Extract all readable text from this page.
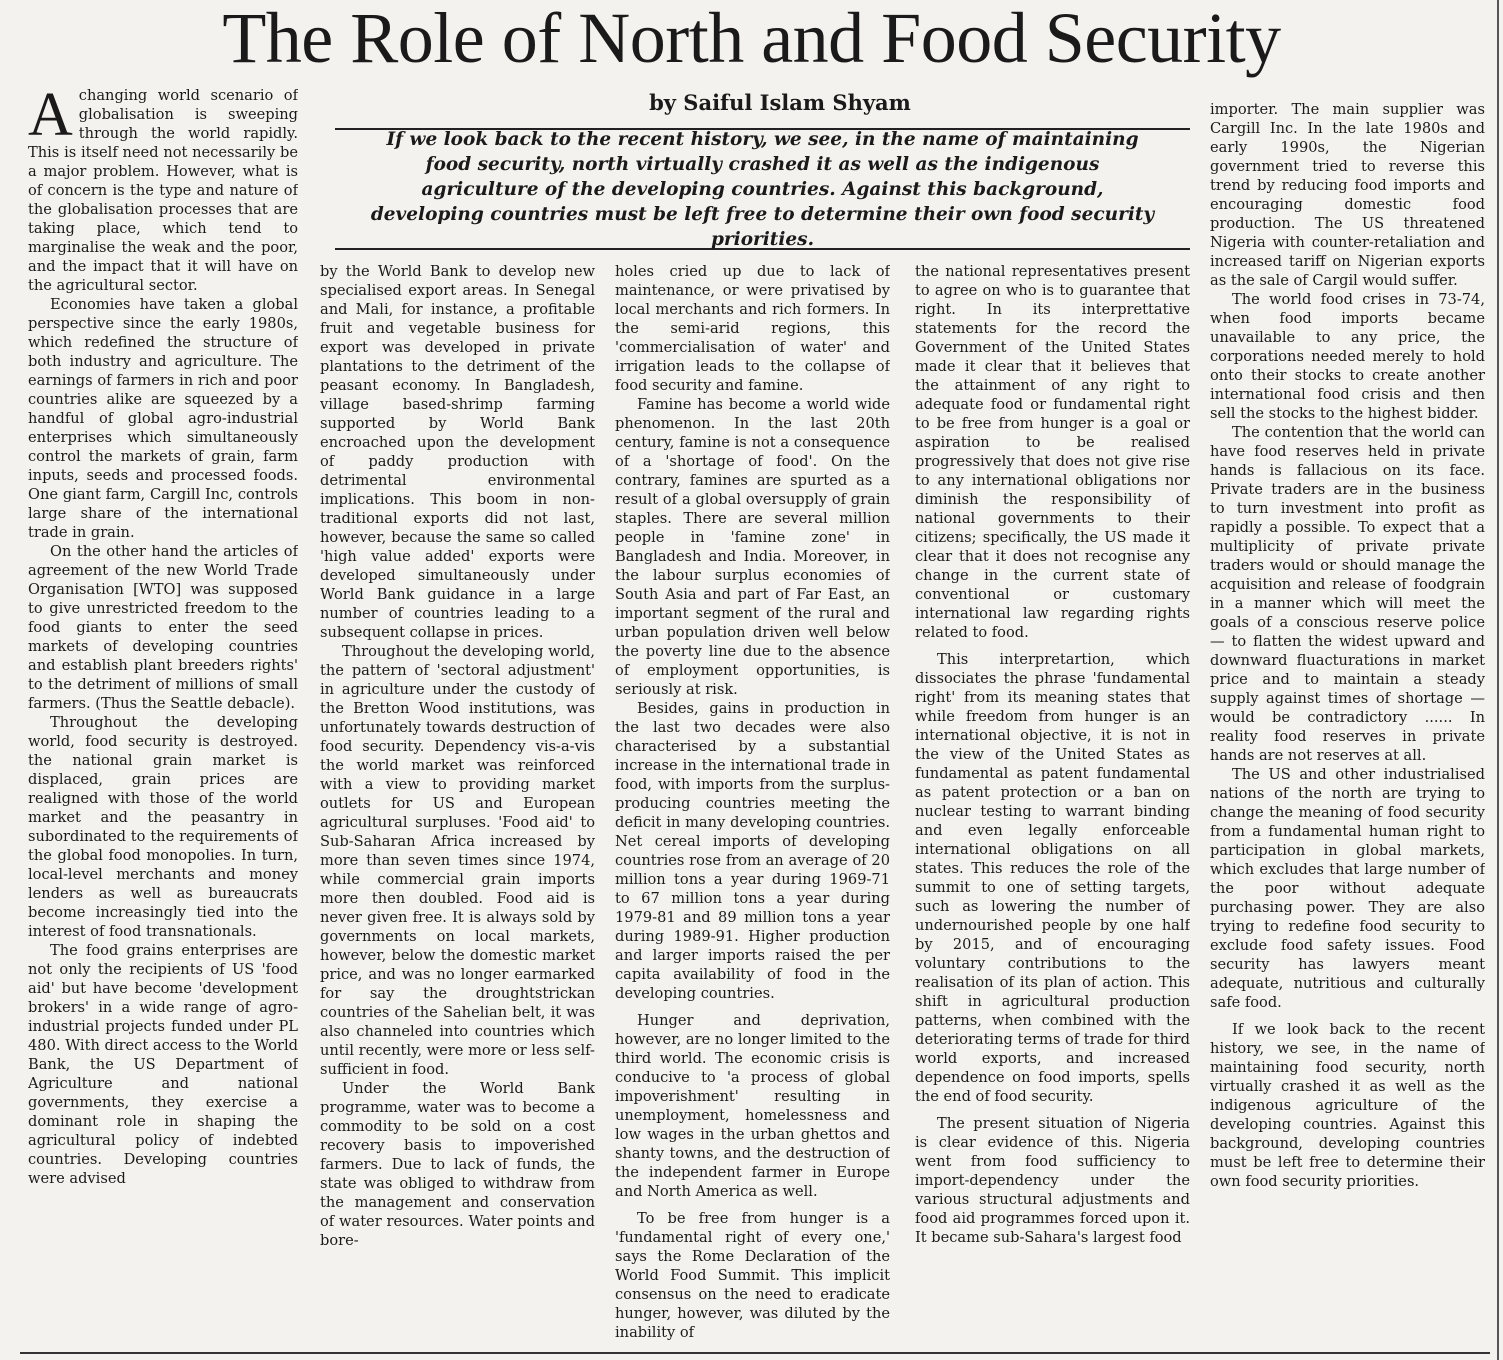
The Role of North and Food Security
by Saiful Islam Shyam

If we look back to the recent history, we see, in the name of maintaining food security, north virtually crashed it as well as the indigenous agriculture of the developing countries. Against this background, developing countries must be left free to determine their own food security priorities.

A changing world scenario of globalisation is sweeping through the world rapidly. This is itself need not necessarily be a major problem. However, what is of concern is the type and nature of the globalisation processes that are taking place, which tend to marginalise the weak and the poor, and the impact that it will have on the agricultural sector.

Economies have taken a global perspective since the early 1980s, which redefined the structure of both industry and agriculture. The earnings of farmers in rich and poor countries alike are squeezed by a handful of global agro-industrial enterprises which simultaneously control the markets of grain, farm inputs, seeds and processed foods. One giant farm, Cargill Inc, controls large share of the international trade in grain.

On the other hand the articles of agreement of the new World Trade Organisation [WTO] was supposed to give unrestricted freedom to the food giants to enter the seed markets of developing countries and establish plant breeders rights' to the detriment of millions of small farmers. (Thus the Seattle debacle).

Throughout the developing world, food security is destroyed. the national grain market is displaced, grain prices are realigned with those of the world market and the peasantry in subordinated to the requirements of the global food monopolies. In turn, local-level merchants and money lenders as well as bureaucrats become increasingly tied into the interest of food transnationals.

The food grains enterprises are not only the recipients of US 'food aid' but have become 'development brokers' in a wide range of agro-industrial projects funded under PL 480. With direct access to the World Bank, the US Department of Agriculture and national governments, they exercise a dominant role in shaping the agricultural policy of indebted countries. Developing countries were advised

by the World Bank to develop new specialised export areas. In Senegal and Mali, for instance, a profitable fruit and vegetable business for export was developed in private plantations to the detriment of the peasant economy. In Bangladesh, village based-shrimp farming supported by World Bank encroached upon the development of paddy production with detrimental environmental implications. This boom in non-traditional exports did not last, however, because the same so called 'high value added' exports were developed simultaneously under World Bank guidance in a large number of countries leading to a subsequent collapse in prices.

Throughout the developing world, the pattern of 'sectoral adjustment' in agriculture under the custody of the Bretton Wood institutions, was unfortunately towards destruction of food security. Dependency vis-a-vis the world market was reinforced with a view to providing market outlets for US and European agricultural surpluses. 'Food aid' to Sub-Saharan Africa increased by more than seven times since 1974, while commercial grain imports more then doubled. Food aid is never given free. It is always sold by governments on local markets, however, below the domestic market price, and was no longer earmarked for say the droughtstrickan countries of the Sahelian belt, it was also channeled into countries which until recently, were more or less self-sufficient in food.

Under the World Bank programme, water was to become a commodity to be sold on a cost recovery basis to impoverished farmers. Due to lack of funds, the state was obliged to withdraw from the management and conservation of water resources. Water points and bore-

holes cried up due to lack of maintenance, or were privatised by local merchants and rich formers. In the semi-arid regions, this 'commercialisation of water' and irrigation leads to the collapse of food security and famine.

Famine has become a world wide phenomenon. In the last 20th century, famine is not a consequence of a 'shortage of food'. On the contrary, famines are spurted as a result of a global oversupply of grain staples. There are several million people in 'famine zone' in Bangladesh and India. Moreover, in the labour surplus economies of South Asia and part of Far East, an important segment of the rural and urban population driven well below the poverty line due to the absence of employment opportunities, is seriously at risk.

Besides, gains in production in the last two decades were also characterised by a substantial increase in the international trade in food, with imports from the surplus-producing countries meeting the deficit in many developing countries. Net cereal imports of developing countries rose from an average of 20 million tons a year during 1969-71 to 67 million tons a year during 1979-81 and 89 million tons a year during 1989-91. Higher production and larger imports raised the per capita availability of food in the developing countries.

Hunger and deprivation, however, are no longer limited to the third world. The economic crisis is conducive to 'a process of global impoverishment' resulting in unemployment, homelessness and low wages in the urban ghettos and shanty towns, and the destruction of the independent farmer in Europe and North America as well.

To be free from hunger is a 'fundamental right of every one,' says the Rome Declaration of the World Food Summit. This implicit consensus on the need to eradicate hunger, however, was diluted by the inability of

the national representatives present to agree on who is to guarantee that right. In its interprettative statements for the record the Government of the United States made it clear that it believes that the attainment of any right to adequate food or fundamental right to be free from hunger is a goal or aspiration to be realised progressively that does not give rise to any international obligations nor diminish the responsibility of national governments to their citizens; specifically, the US made it clear that it does not recognise any change in the current state of conventional or customary international law regarding rights related to food.

This interpretartion, which dissociates the phrase 'fundamental right' from its meaning states that while freedom from hunger is an international objective, it is not in the view of the United States as fundamental as patent fundamental as patent protection or a ban on nuclear testing to warrant binding and even legally enforceable international obligations on all states. This reduces the role of the summit to one of setting targets, such as lowering the number of undernourished people by one half by 2015, and of encouraging voluntary contributions to the realisation of its plan of action. This shift in agricultural production patterns, when combined with the deteriorating terms of trade for third world exports, and increased dependence on food imports, spells the end of food security.

The present situation of Nigeria is clear evidence of this. Nigeria went from food sufficiency to import-dependency under the various structural adjustments and food aid programmes forced upon it. It became sub-Sahara's largest food

importer. The main supplier was Cargill Inc. In the late 1980s and early 1990s, the Nigerian government tried to reverse this trend by reducing food imports and encouraging domestic food production. The US threatened Nigeria with counter-retaliation and increased tariff on Nigerian exports as the sale of Cargil would suffer.

The world food crises in 73-74, when food imports became unavailable to any price, the corporations needed merely to hold onto their stocks to create another international food crisis and then sell the stocks to the highest bidder.

The contention that the world can have food reserves held in private hands is fallacious on its face. Private traders are in the business to turn investment into profit as rapidly a possible. To expect that a multiplicity of private private traders would or should manage the acquisition and release of foodgrain in a manner which will meet the goals of a conscious reserve police — to flatten the widest upward and downward fluacturations in market price and to maintain a steady supply against times of shortage — would be contradictory ...... In reality food reserves in private hands are not reserves at all.

The US and other industrialised nations of the north are trying to change the meaning of food security from a fundamental human right to participation in global markets, which excludes that large number of the poor without adequate purchasing power. They are also trying to redefine food security to exclude food safety issues. Food security has lawyers meant adequate, nutritious and culturally safe food.

If we look back to the recent history, we see, in the name of maintaining food security, north virtually crashed it as well as the indigenous agriculture of the developing countries. Against this background, developing countries must be left free to determine their own food security priorities.
